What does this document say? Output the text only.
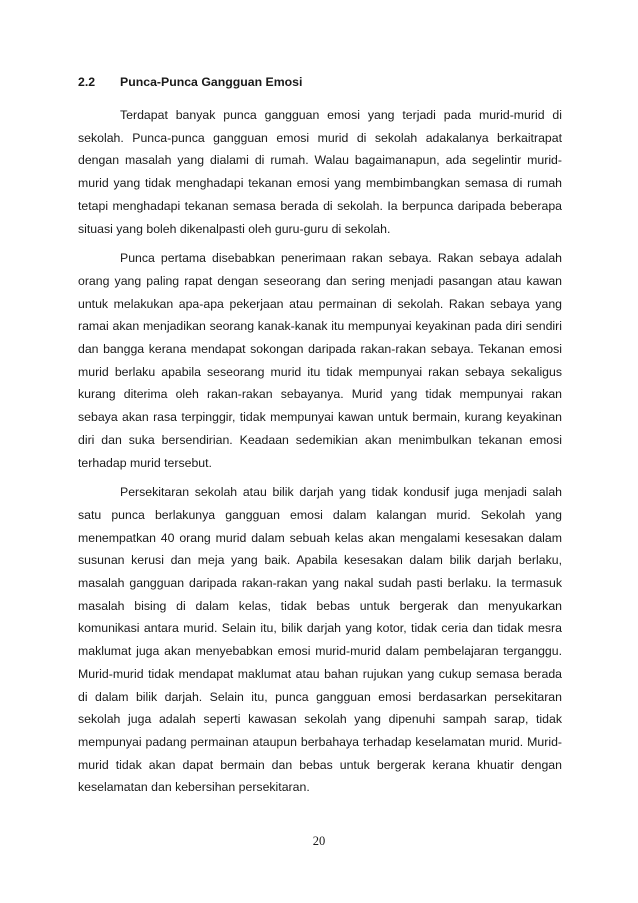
2.2	Punca-Punca Gangguan Emosi

Terdapat banyak punca gangguan emosi yang terjadi pada murid-murid di sekolah. Punca-punca gangguan emosi murid di sekolah adakalanya berkaitrapat dengan masalah yang dialami di rumah. Walau bagaimanapun, ada segelintir murid-murid yang tidak menghadapi tekanan emosi yang membimbangkan semasa di rumah tetapi menghadapi tekanan semasa berada di sekolah. Ia berpunca daripada beberapa situasi yang boleh dikenalpasti oleh guru-guru di sekolah.

Punca pertama disebabkan penerimaan rakan sebaya. Rakan sebaya adalah orang yang paling rapat dengan seseorang dan sering menjadi pasangan atau kawan untuk melakukan apa-apa pekerjaan atau permainan di sekolah. Rakan sebaya yang ramai akan menjadikan seorang kanak-kanak itu mempunyai keyakinan pada diri sendiri dan bangga kerana mendapat sokongan daripada rakan-rakan sebaya. Tekanan emosi murid berlaku apabila seseorang murid itu tidak mempunyai rakan sebaya sekaligus kurang diterima oleh rakan-rakan sebayanya. Murid yang tidak mempunyai rakan sebaya akan rasa terpinggir, tidak mempunyai kawan untuk bermain, kurang keyakinan diri dan suka bersendirian. Keadaan sedemikian akan menimbulkan tekanan emosi terhadap murid tersebut.

Persekitaran sekolah atau bilik darjah yang tidak kondusif juga menjadi salah satu punca berlakunya gangguan emosi dalam kalangan murid. Sekolah yang menempatkan 40 orang murid dalam sebuah kelas akan mengalami kesesakan dalam susunan kerusi dan meja yang baik. Apabila kesesakan dalam bilik darjah berlaku, masalah gangguan daripada rakan-rakan yang nakal sudah pasti berlaku. Ia termasuk masalah bising di dalam kelas, tidak bebas untuk bergerak dan menyukarkan komunikasi antara murid. Selain itu, bilik darjah yang kotor, tidak ceria dan tidak mesra maklumat juga akan menyebabkan emosi murid-murid dalam pembelajaran terganggu. Murid-murid tidak mendapat maklumat atau bahan rujukan yang cukup semasa berada di dalam bilik darjah. Selain itu, punca gangguan emosi berdasarkan persekitaran sekolah juga adalah seperti kawasan sekolah yang dipenuhi sampah sarap, tidak mempunyai padang permainan ataupun berbahaya terhadap keselamatan murid. Murid-murid tidak akan dapat bermain dan bebas untuk bergerak kerana khuatir dengan keselamatan dan kebersihan persekitaran.

20
